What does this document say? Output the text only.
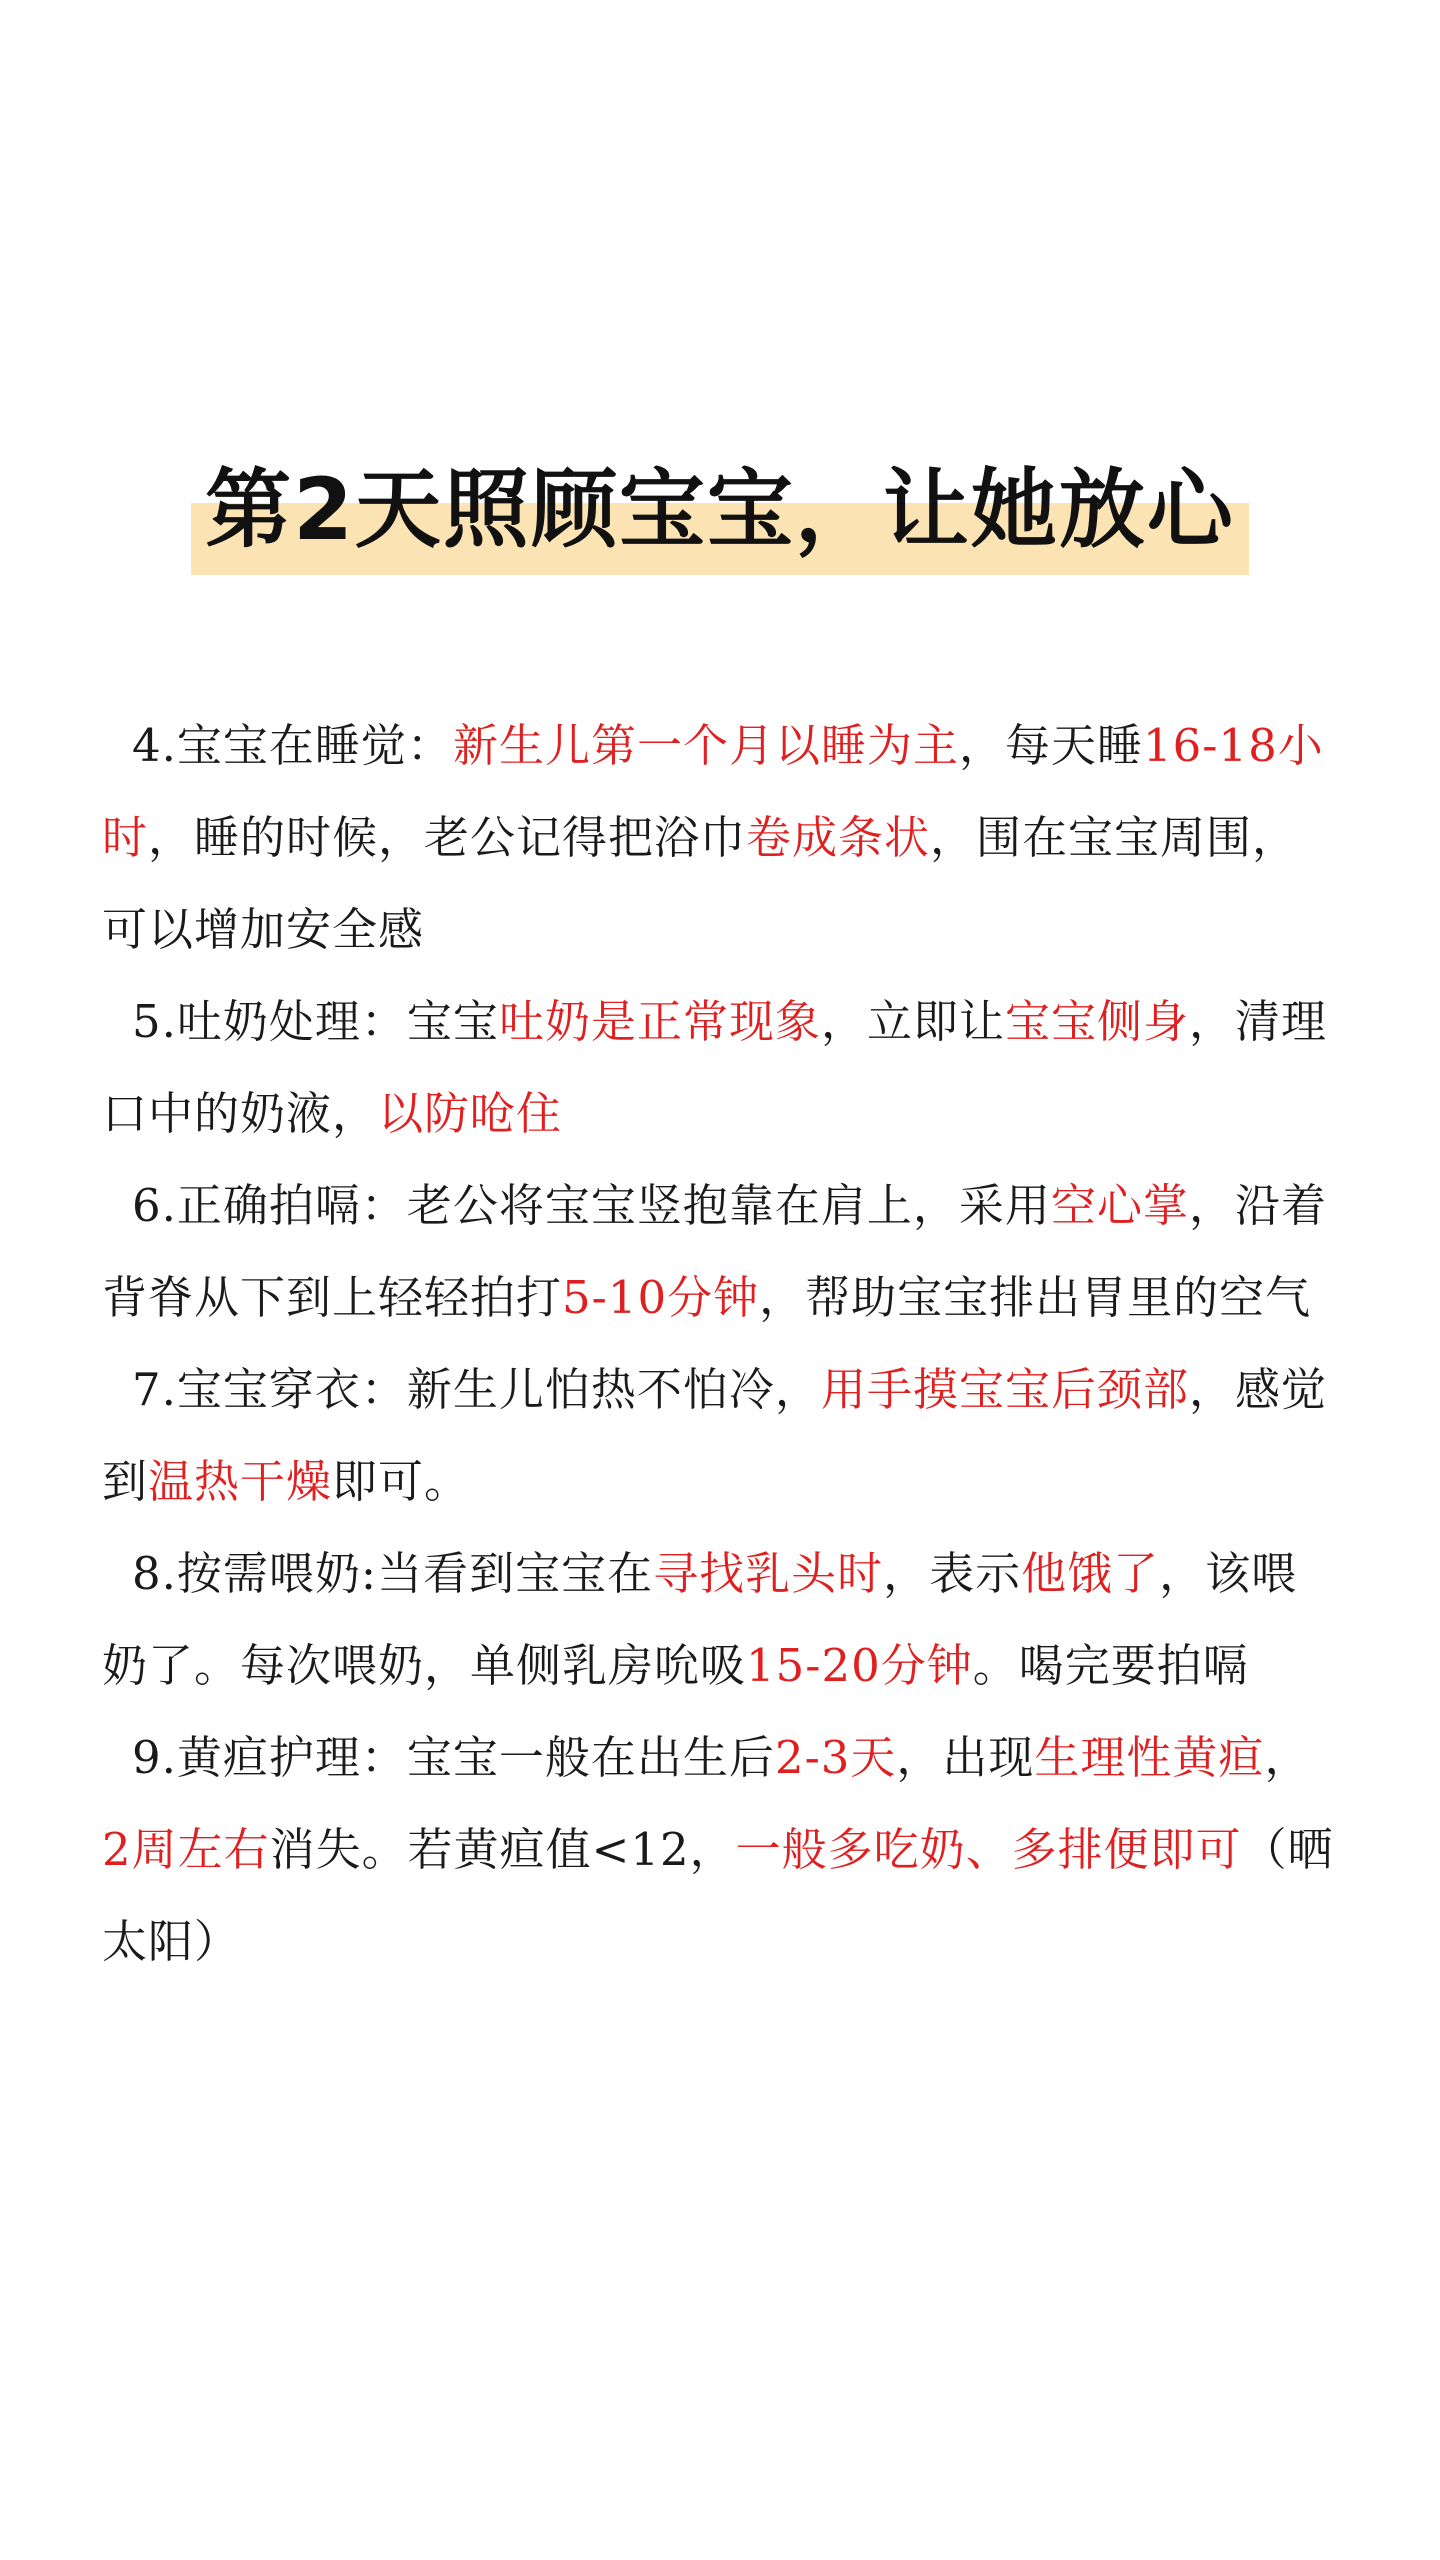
第2天照顾宝宝，让她放心

4.宝宝在睡觉：新生儿第一个月以睡为主，每天睡16-18小时，睡的时候，老公记得把浴巾卷成条状，围在宝宝周围，可以增加安全感

5.吐奶处理：宝宝吐奶是正常现象，立即让宝宝侧身，清理口中的奶液，以防呛住

6.正确拍嗝：老公将宝宝竖抱靠在肩上，采用空心掌，沿着背脊从下到上轻轻拍打5-10分钟，帮助宝宝排出胃里的空气

7.宝宝穿衣：新生儿怕热不怕冷，用手摸宝宝后颈部，感觉到温热干燥即可。

8.按需喂奶:当看到宝宝在寻找乳头时，表示他饿了，该喂奶了。每次喂奶，单侧乳房吮吸15-20分钟。喝完要拍嗝

9.黄疸护理：宝宝一般在出生后2-3天，出现生理性黄疸，2周左右消失。若黄疸值<12，一般多吃奶、多排便即可（晒太阳）
